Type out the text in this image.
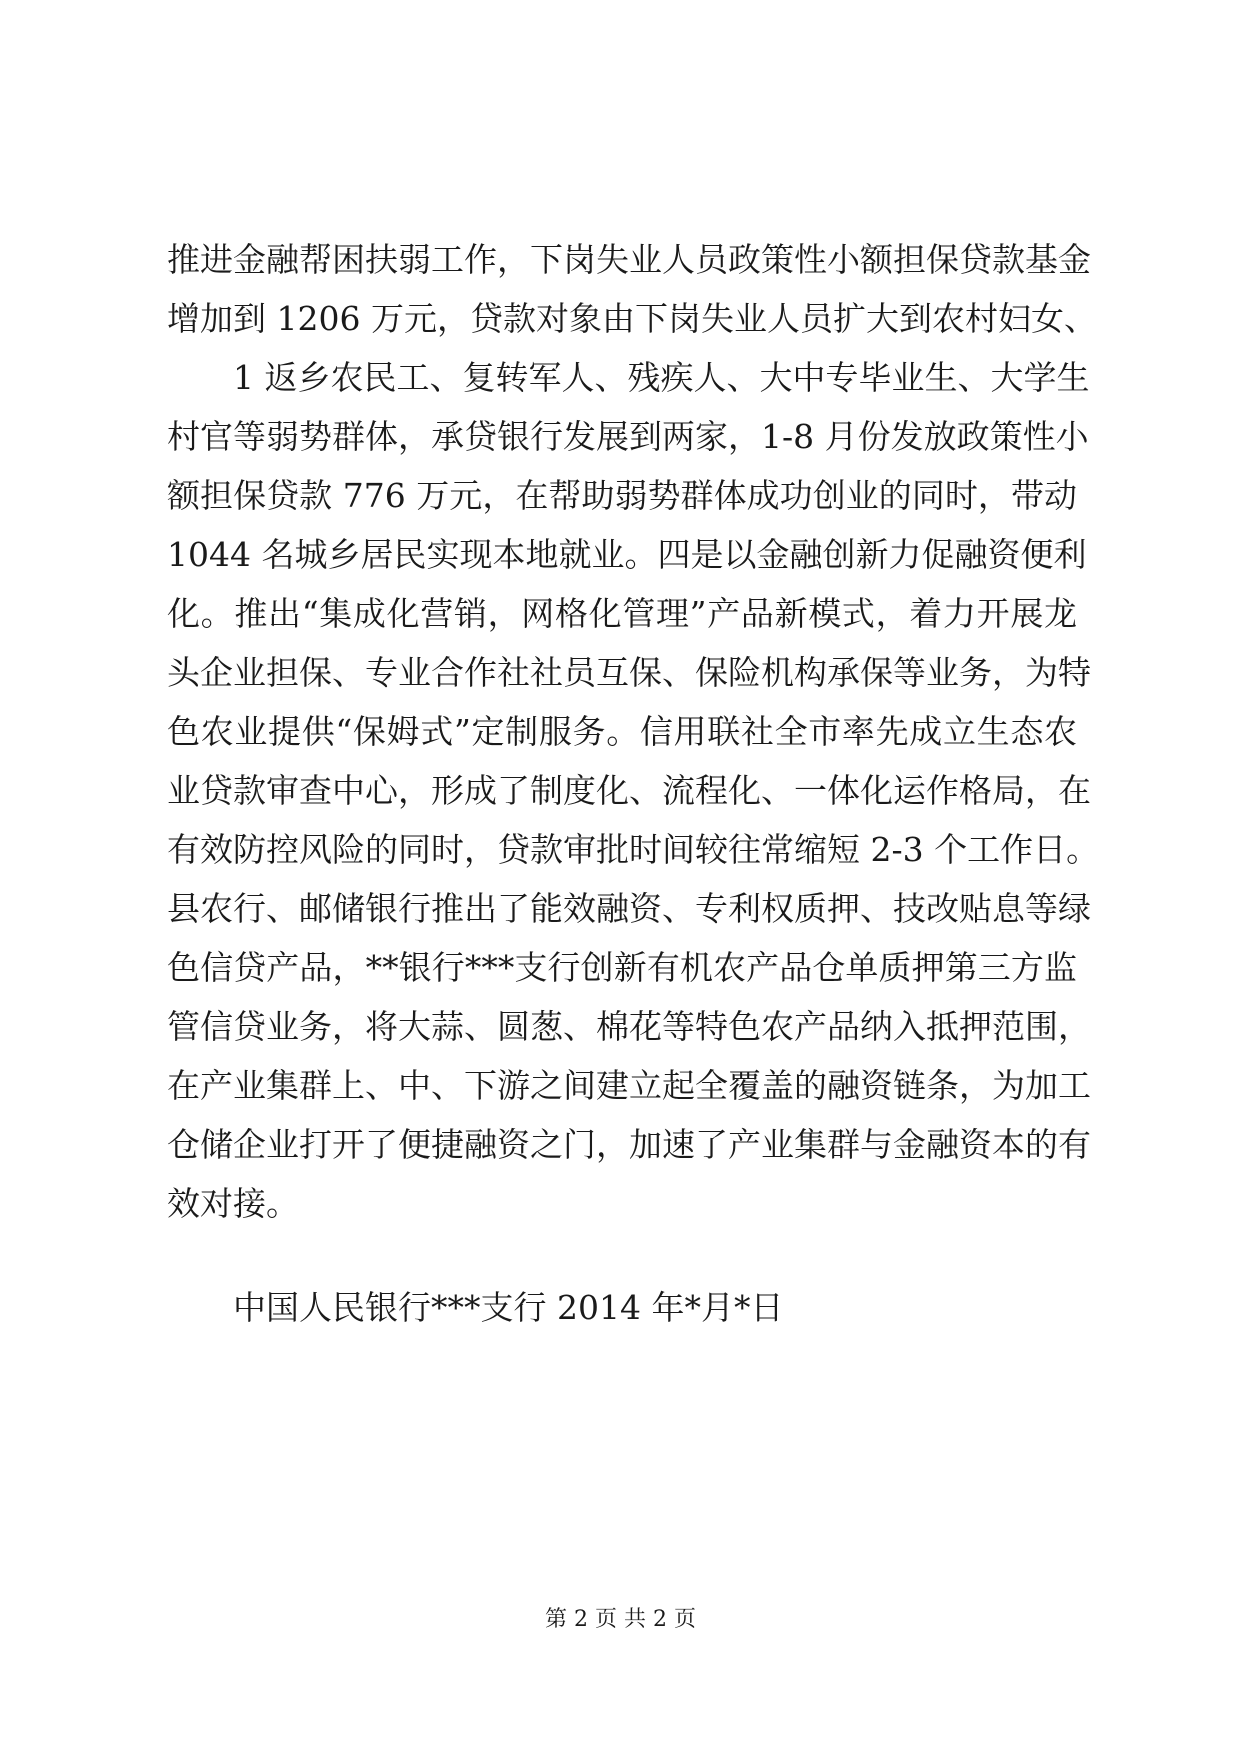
推进金融帮困扶弱工作，下岗失业人员政策性小额担保贷款基金
增加到 1206 万元，贷款对象由下岗失业人员扩大到农村妇女、
1 返乡农民工、复转军人、残疾人、大中专毕业生、大学生
村官等弱势群体，承贷银行发展到两家，1-8 月份发放政策性小
额担保贷款 776 万元，在帮助弱势群体成功创业的同时，带动
1044 名城乡居民实现本地就业。四是以金融创新力促融资便利
化。推出“集成化营销，网格化管理”产品新模式，着力开展龙
头企业担保、专业合作社社员互保、保险机构承保等业务，为特
色农业提供“保姆式”定制服务。信用联社全市率先成立生态农
业贷款审查中心，形成了制度化、流程化、一体化运作格局，在
有效防控风险的同时，贷款审批时间较往常缩短 2-3 个工作日。
县农行、邮储银行推出了能效融资、专利权质押、技改贴息等绿
色信贷产品，**银行***支行创新有机农产品仓单质押第三方监
管信贷业务，将大蒜、圆葱、棉花等特色农产品纳入抵押范围，
在产业集群上、中、下游之间建立起全覆盖的融资链条，为加工
仓储企业打开了便捷融资之门，加速了产业集群与金融资本的有
效对接。
中国人民银行***支行 2014 年*月*日
第 2 页 共 2 页
